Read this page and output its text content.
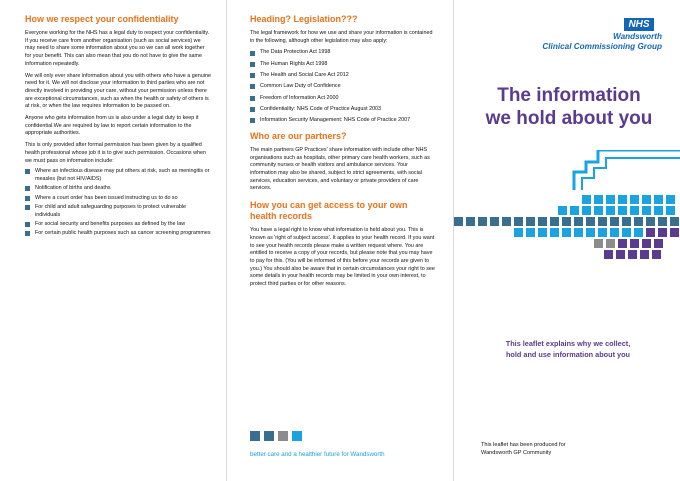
How we respect your confidentiality

Everyone working for the NHS has a legal duty to respect your confidentiality. If you receive care from another organisation (such as social services) we may need to share some information about you so we can all work together for your benefit. This can also mean that you do not have to give the same information repeatedly.

We will only ever share information about you with others who have a genuine need for it. We will not disclose your information to third parties who are not directly involved in providing your care, without your permission unless there are exceptional circumstances, such as when the health or safety of others is at risk, or when the law requires information to be passed on.

Anyone who gets information from us is also under a legal duty to keep it confidential.We are required by law to report certain information to the appropriate authorities.

This is only provided after formal permission has been given by a qualified health professional whose job it is to give such permission. Occasions when we must pass on information include:

Where an infectious disease may put others at risk, such as meningitis or measles (but not HIV/AIDS)
Notification of births and deaths
Where a court order has been issued instructing us to do so
For child and adult safeguarding purposes to protect vulnerable individuals
For social security and benefits purposes as defined by the law
For certain public health purposes such as cancer screening programmes

Heading? Legislation???

The legal framework for how we use and share your information is contained in the following, although other legislation may also apply:

The Data Protection Act 1998
The Human Rights Act 1998
The Health and Social Care Act 2012
Common Law Duty of Confidence
Freedom of Information Act 2000
Confidentiality: NHS Code of Practice August 2003
Information Security Management: NHS Code of Practice 2007

Who are our partners?

The main partners GP Practices' share information with include other NHS organisations such as hospitals, other primary care health workers, such as community nurses or health visitors and ambulance services. Your information may also be shared, subject to strict agreements, with social services, education services, and voluntary or private providers of care services.

How you can get access to your own health records

You have a legal right to know what information is held about you. This is known as 'right of subject access'. It applies to your health record. If you want to see your health records please make a written request where. You are entitled to receive a copy of your records, but please note that you may have to pay for this. (You will be informed of this before your records are given to you.) You should also be aware that in certain circumstances your right to see some details in your health records may be limited in your own interest, to protect third parties or for other reasons.

better care and a healthier future for Wandsworth
NHS
Wandsworth
Clinical Commissioning Group
The information
we hold about you
This leaflet explains why we collect,
hold and use information about you
This leaflet has been produced for
Wandsworth GP Community
